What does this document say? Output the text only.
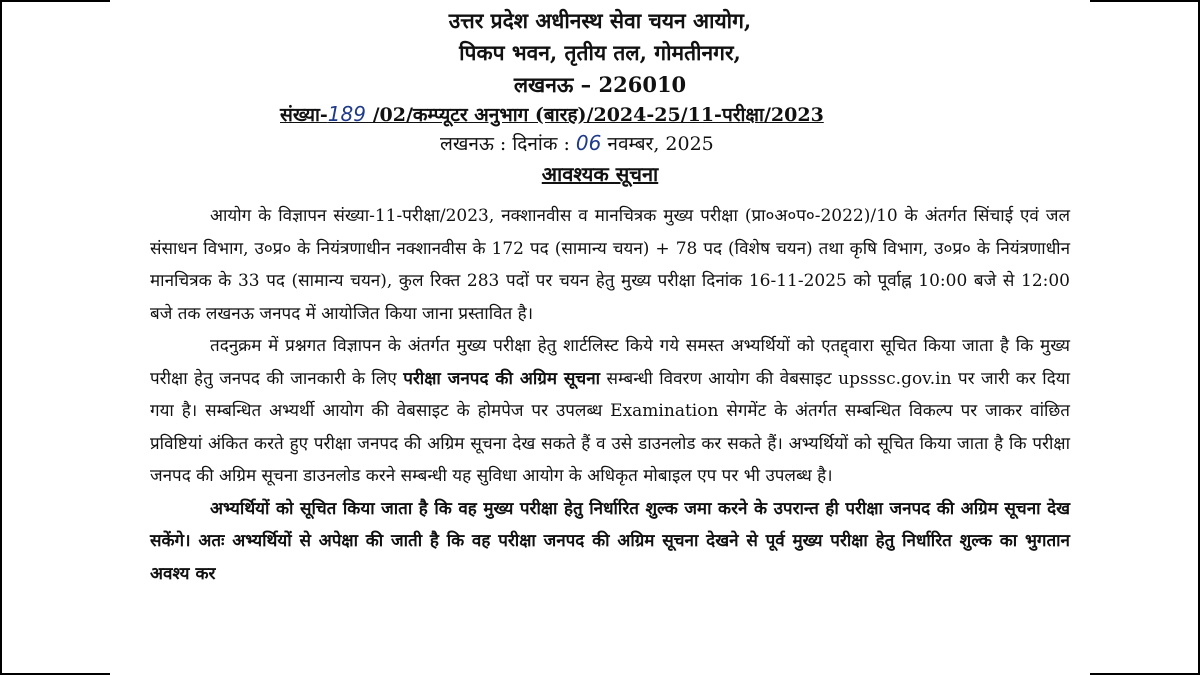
उत्तर प्रदेश अधीनस्थ सेवा चयन आयोग,
पिकप भवन, तृतीय तल, गोमतीनगर,
लखनऊ – 226010
संख्या-189 /02/कम्प्यूटर अनुभाग (बारह)/2024-25/11-परीक्षा/2023
लखनऊ : दिनांक : 06 नवम्बर, 2025
आवश्यक सूचना

आयोग के विज्ञापन संख्या-11-परीक्षा/2023, नक्शानवीस व मानचित्रक मुख्य परीक्षा (प्रा०अ०प०-2022)/10 के अंतर्गत सिंचाई एवं जल संसाधन विभाग, उ०प्र० के नियंत्रणाधीन नक्शानवीस के 172 पद (सामान्य चयन) + 78 पद (विशेष चयन) तथा कृषि विभाग, उ०प्र० के नियंत्रणाधीन मानचित्रक के 33 पद (सामान्य चयन), कुल रिक्त 283 पदों पर चयन हेतु मुख्य परीक्षा दिनांक 16-11-2025 को पूर्वाह्न 10:00 बजे से 12:00 बजे तक लखनऊ जनपद में आयोजित किया जाना प्रस्तावित है।

तदनुक्रम में प्रश्नगत विज्ञापन के अंतर्गत मुख्य परीक्षा हेतु शार्टलिस्ट किये गये समस्त अभ्यर्थियों को एतद्द्वारा सूचित किया जाता है कि मुख्य परीक्षा हेतु जनपद की जानकारी के लिए परीक्षा जनपद की अग्रिम सूचना सम्बन्धी विवरण आयोग की वेबसाइट upsssc.gov.in पर जारी कर दिया गया है। सम्बन्धित अभ्यर्थी आयोग की वेबसाइट के होमपेज पर उपलब्ध Examination सेगमेंट के अंतर्गत सम्बन्धित विकल्प पर जाकर वांछित प्रविष्टियां अंकित करते हुए परीक्षा जनपद की अग्रिम सूचना देख सकते हैं व उसे डाउनलोड कर सकते हैं। अभ्यर्थियों को सूचित किया जाता है कि परीक्षा जनपद की अग्रिम सूचना डाउनलोड करने सम्बन्धी यह सुविधा आयोग के अधिकृत मोबाइल एप पर भी उपलब्ध है।

अभ्यर्थियों को सूचित किया जाता है कि वह मुख्य परीक्षा हेतु निर्धारित शुल्क जमा करने के उपरान्त ही परीक्षा जनपद की अग्रिम सूचना देख सकेंगे। अतः अभ्यर्थियों से अपेक्षा की जाती है कि वह परीक्षा जनपद की अग्रिम सूचना देखने से पूर्व मुख्य परीक्षा हेतु निर्धारित शुल्क का भुगतान अवश्य कर
